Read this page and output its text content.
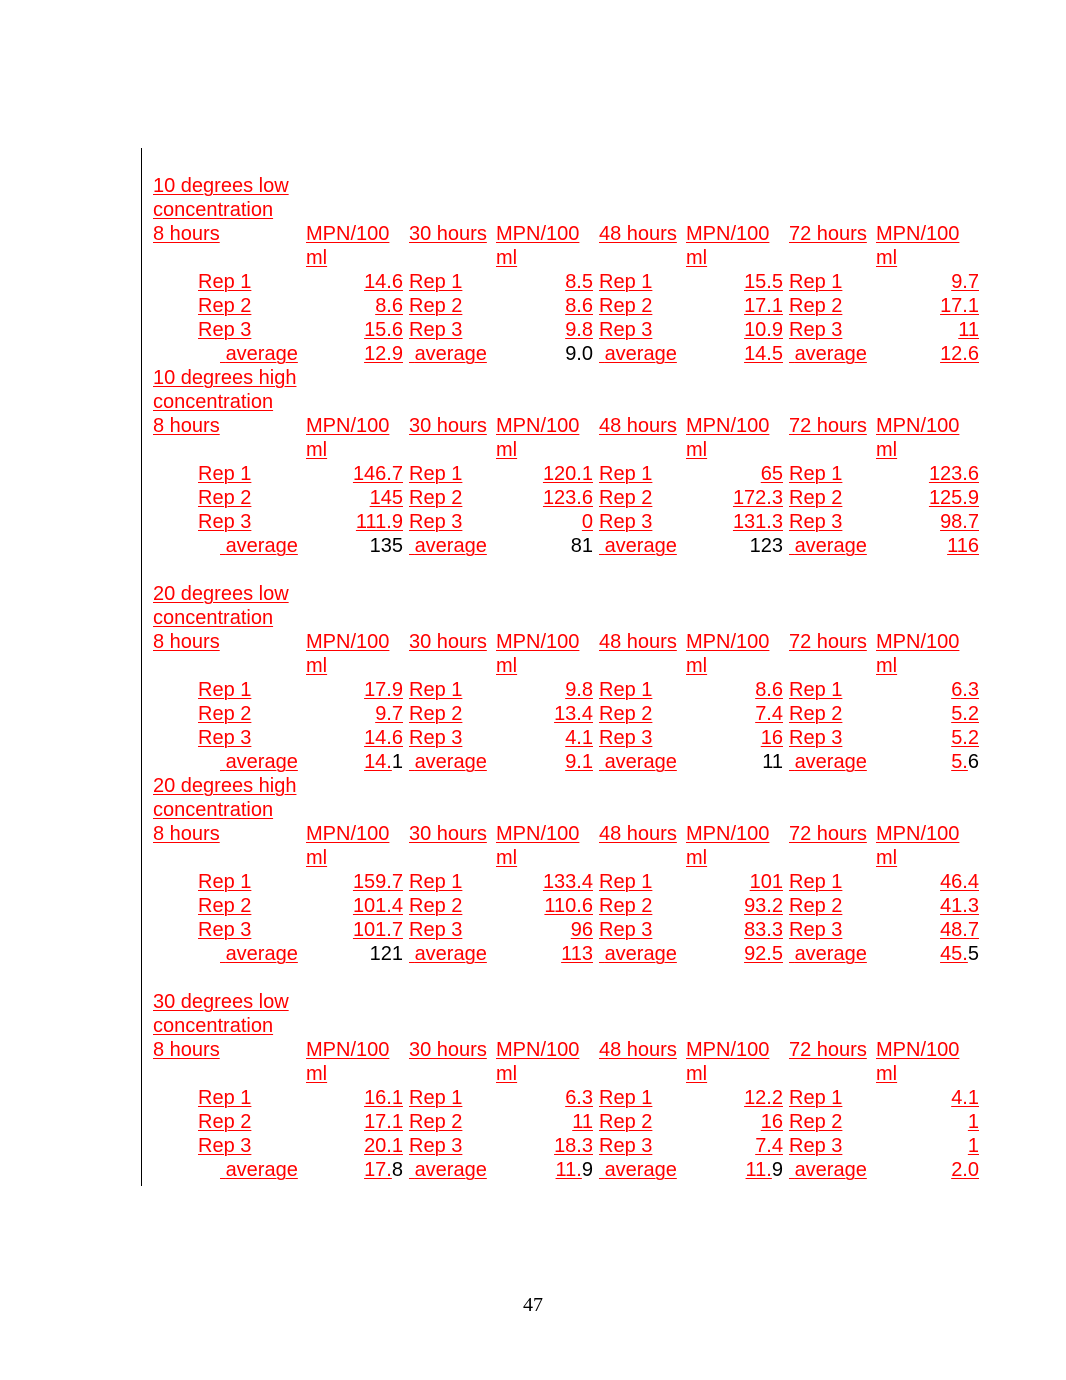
10 degrees low							
concentration							
8 hours	MPN/100
ml	30 hours	MPN/100
ml	48 hours	MPN/100
ml	72 hours	MPN/100
ml
Rep 1	14.6	Rep 1	8.5	Rep 1	15.5	Rep 1	9.7
Rep 2	8.6	Rep 2	8.6	Rep 2	17.1	Rep 2	17.1
Rep 3	15.6	Rep 3	9.8	Rep 3	10.9	Rep 3	11
average	12.9	average	9.0	average	14.5	average	12.6
10 degrees high							
concentration							
8 hours	MPN/100
ml	30 hours	MPN/100
ml	48 hours	MPN/100
ml	72 hours	MPN/100
ml
Rep 1	146.7	Rep 1	120.1	Rep 1	65	Rep 1	123.6
Rep 2	145	Rep 2	123.6	Rep 2	172.3	Rep 2	125.9
Rep 3	111.9	Rep 3	0	Rep 3	131.3	Rep 3	98.7
average	135	average	81	average	123	average	116

20 degrees low							
concentration							
8 hours	MPN/100
ml	30 hours	MPN/100
ml	48 hours	MPN/100
ml	72 hours	MPN/100
ml
Rep 1	17.9	Rep 1	9.8	Rep 1	8.6	Rep 1	6.3
Rep 2	9.7	Rep 2	13.4	Rep 2	7.4	Rep 2	5.2
Rep 3	14.6	Rep 3	4.1	Rep 3	16	Rep 3	5.2
average	14.1	average	9.1	average	11	average	5.6
20 degrees high							
concentration							
8 hours	MPN/100
ml	30 hours	MPN/100
ml	48 hours	MPN/100
ml	72 hours	MPN/100
ml
Rep 1	159.7	Rep 1	133.4	Rep 1	101	Rep 1	46.4
Rep 2	101.4	Rep 2	110.6	Rep 2	93.2	Rep 2	41.3
Rep 3	101.7	Rep 3	96	Rep 3	83.3	Rep 3	48.7
average	121	average	113	average	92.5	average	45.5

30 degrees low							
concentration							
8 hours	MPN/100
ml	30 hours	MPN/100
ml	48 hours	MPN/100
ml	72 hours	MPN/100
ml
Rep 1	16.1	Rep 1	6.3	Rep 1	12.2	Rep 1	4.1
Rep 2	17.1	Rep 2	11	Rep 2	16	Rep 2	1
Rep 3	20.1	Rep 3	18.3	Rep 3	7.4	Rep 3	1
average	17.8	average	11.9	average	11.9	average	2.0
47
